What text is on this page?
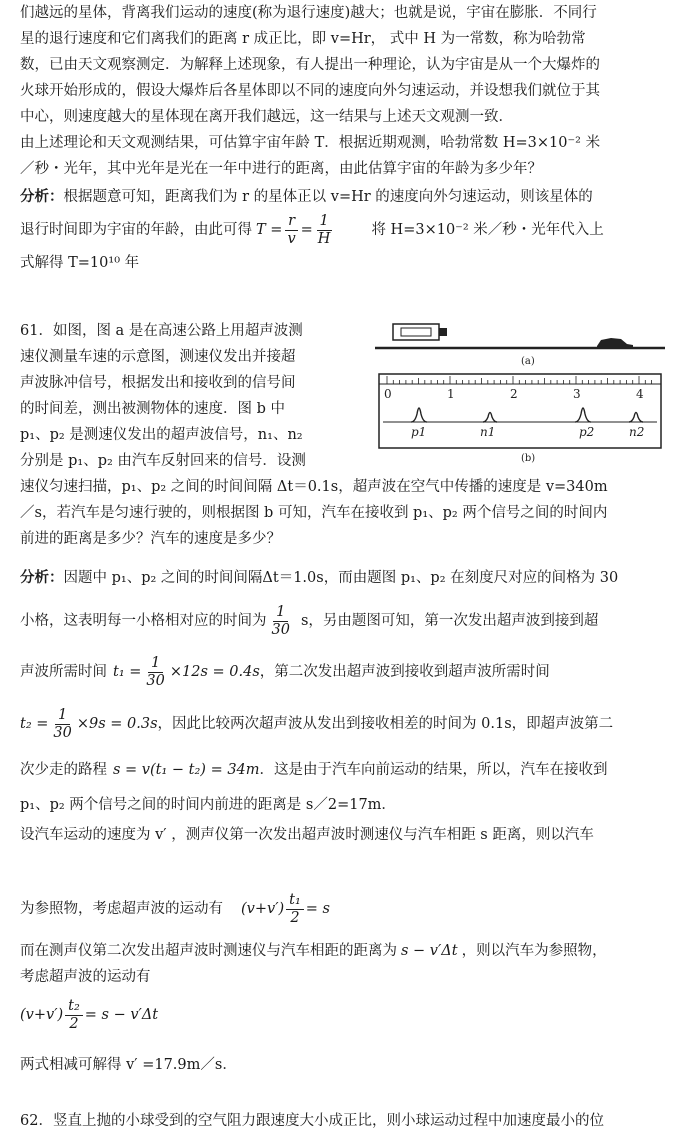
们越远的星体，背离我们运动的速度(称为退行速度)越大；也就是说，宇宙在膨胀．不同行
星的退行速度和它们离我们的距离 r 成正比，即 v=Hr， 式中 H 为一常数，称为哈勃常
数，已由天文观察测定．为解释上述现象，有人提出一种理论，认为宇宙是从一个大爆炸的
火球开始形成的，假设大爆炸后各星体即以不同的速度向外匀速运动，并设想我们就位于其
中心，则速度越大的星体现在离开我们越远，这一结果与上述天文观测一致．
由上述理论和天文观测结果，可估算宇宙年龄 T．根据近期观测，哈勃常数 H=3×10⁻² 米
／秒・光年，其中光年是光在一年中进行的距离，由此估算宇宙的年龄为多少年？
分析：根据题意可知，距离我们为 r 的星体正以 v=Hr 的速度向外匀速运动，则该星体的
退行时间即为宇宙的年龄，由此可得 $T = \frac{r}{v} = \frac{1}{H}$	将 H=3×10⁻² 米／秒・光年代入上
式解得 T=10¹⁰ 年
61．如图，图 a 是在高速公路上用超声波测
速仪测量车速的示意图，测速仪发出并接超
声波脉冲信号，根据发出和接收到的信号间
的时间差，测出被测物体的速度．图 b 中
p₁、p₂ 是测速仪发出的超声波信号，n₁、n₂
分别是 p₁、p₂ 由汽车反射回来的信号．设测
速仪匀速扫描，p₁、p₂ 之间的时间间隔 Δt＝0.1s，超声波在空气中传播的速度是 v=340m
／s，若汽车是匀速行驶的，则根据图 b 可知，汽车在接收到 p₁、p₂ 两个信号之间的时间内
前进的距离是多少？汽车的速度是多少？
(a)
0	1	2	3	4
p1	n1	p2	n2
(b)
分析：因题中 p₁、p₂ 之间的时间间隔Δt＝1.0s，而由题图 p₁、p₂ 在刻度尺对应的间格为 30
小格，这表明每一小格相对应的时间为 $\frac{1}{30}$ s，另由题图可知，第一次发出超声波到接到超
声波所需时间 $t_1 = \frac{1}{30} \times 12s = 0.4s$ ，第二次发出超声波到接收到超声波所需时间
$t_2 = \frac{1}{30} \times 9s = 0.3s$ ，因此比较两次超声波从发出到接收相差的时间为 0.1s，即超声波第二
次少走的路程 s = v(t₁ − t₂) = 34m ．这是由于汽车向前运动的结果，所以，汽车在接收到
p₁、p₂ 两个信号之间的时间内前进的距离是 s／2=17m．
设汽车运动的速度为 v′ ，测声仪第一次发出超声波时测速仪与汽车相距 s 距离，则以汽车
为参照物，考虑超声波的运动有 $(v+v') \frac{\text{t₁}}{2} = s$
而在测声仪第二次发出超声波时测速仪与汽车相距的距离为 s − v′Δt ，则以汽车为参照物，
考虑超声波的运动有
$(v+v') \frac{\text{t₂}}{2} = s - v'\Delta t$
两式相减可解得 v′ =17.9m／s．
62．竖直上抛的小球受到的空气阻力跟速度大小成正比，则小球运动过程中加速度最小的位
